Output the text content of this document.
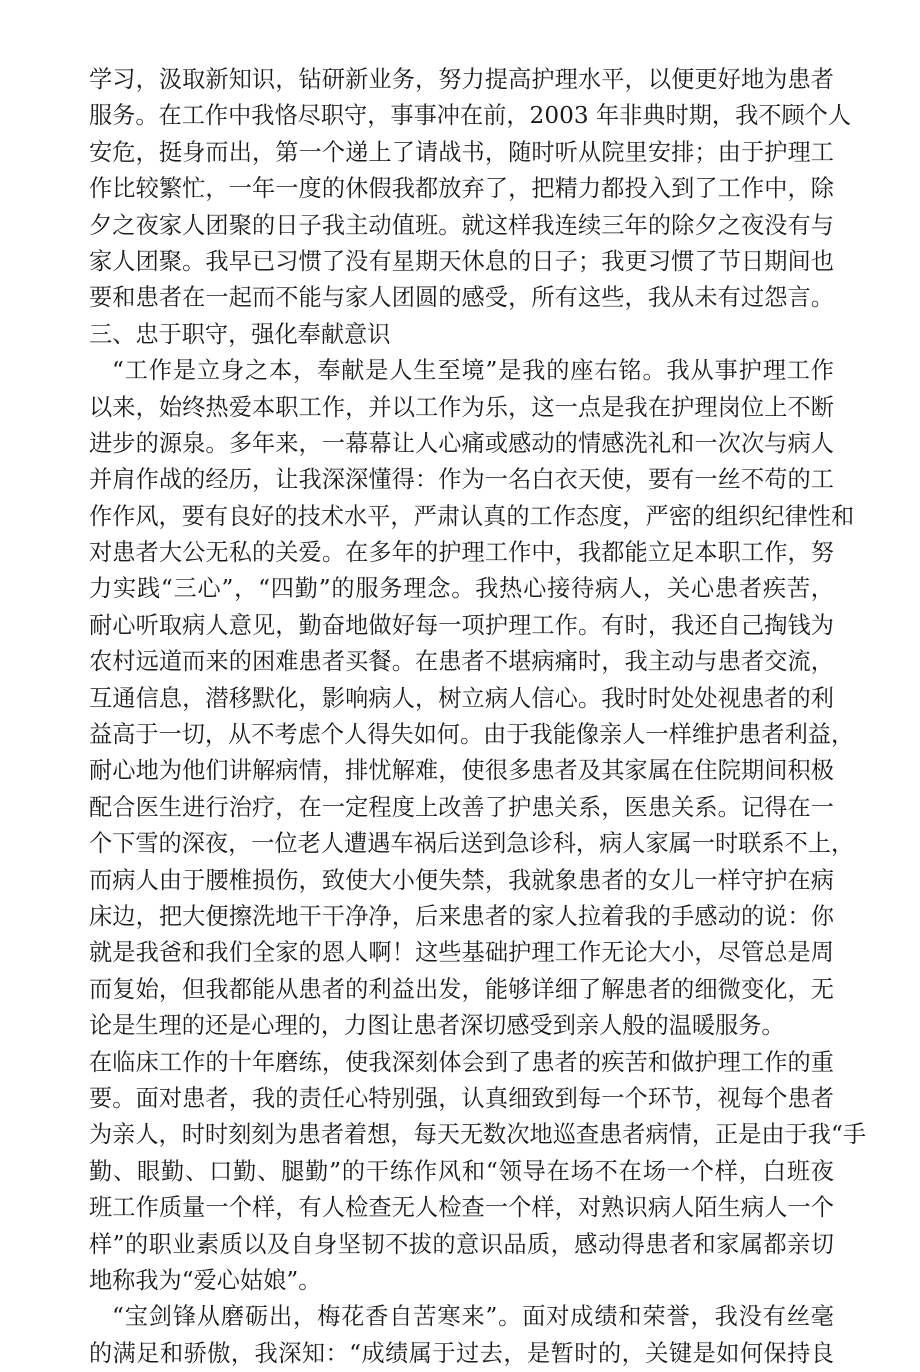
学习，汲取新知识，钻研新业务，努力提高护理水平，以便更好地为患者
服务。在工作中我恪尽职守，事事冲在前，2003 年非典时期，我不顾个人
安危，挺身而出，第一个递上了请战书，随时听从院里安排；由于护理工
作比较繁忙，一年一度的休假我都放弃了，把精力都投入到了工作中，除
夕之夜家人团聚的日子我主动值班。就这样我连续三年的除夕之夜没有与
家人团聚。我早已习惯了没有星期天休息的日子；我更习惯了节日期间也
要和患者在一起而不能与家人团圆的感受，所有这些，我从未有过怨言。
三、忠于职守，强化奉献意识
“工作是立身之本，奉献是人生至境”是我的座右铭。我从事护理工作
以来，始终热爱本职工作，并以工作为乐，这一点是我在护理岗位上不断
进步的源泉。多年来，一幕幕让人心痛或感动的情感洗礼和一次次与病人
并肩作战的经历，让我深深懂得：作为一名白衣天使，要有一丝不苟的工
作作风，要有良好的技术水平，严肃认真的工作态度，严密的组织纪律性和
对患者大公无私的关爱。在多年的护理工作中，我都能立足本职工作，努
力实践“三心”，“四勤”的服务理念。我热心接待病人，关心患者疾苦，
耐心听取病人意见，勤奋地做好每一项护理工作。有时，我还自己掏钱为
农村远道而来的困难患者买餐。在患者不堪病痛时，我主动与患者交流，
互通信息，潜移默化，影响病人，树立病人信心。我时时处处视患者的利
益高于一切，从不考虑个人得失如何。由于我能像亲人一样维护患者利益，
耐心地为他们讲解病情，排忧解难，使很多患者及其家属在住院期间积极
配合医生进行治疗，在一定程度上改善了护患关系，医患关系。记得在一
个下雪的深夜，一位老人遭遇车祸后送到急诊科，病人家属一时联系不上，
而病人由于腰椎损伤，致使大小便失禁，我就象患者的女儿一样守护在病
床边，把大便擦洗地干干净净，后来患者的家人拉着我的手感动的说：你
就是我爸和我们全家的恩人啊！这些基础护理工作无论大小，尽管总是周
而复始，但我都能从患者的利益出发，能够详细了解患者的细微变化，无
论是生理的还是心理的，力图让患者深切感受到亲人般的温暖服务。
在临床工作的十年磨练，使我深刻体会到了患者的疾苦和做护理工作的重
要。面对患者，我的责任心特别强，认真细致到每一个环节，视每个患者
为亲人，时时刻刻为患者着想，每天无数次地巡查患者病情，正是由于我“手
勤、眼勤、口勤、腿勤”的干练作风和“领导在场不在场一个样，白班夜
班工作质量一个样，有人检查无人检查一个样，对熟识病人陌生病人一个
样”的职业素质以及自身坚韧不拔的意识品质，感动得患者和家属都亲切
地称我为“爱心姑娘”。
“宝剑锋从磨砺出，梅花香自苦寒来”。面对成绩和荣誉，我没有丝毫
的满足和骄傲，我深知：“成绩属于过去，是暂时的，关键是如何保持良
